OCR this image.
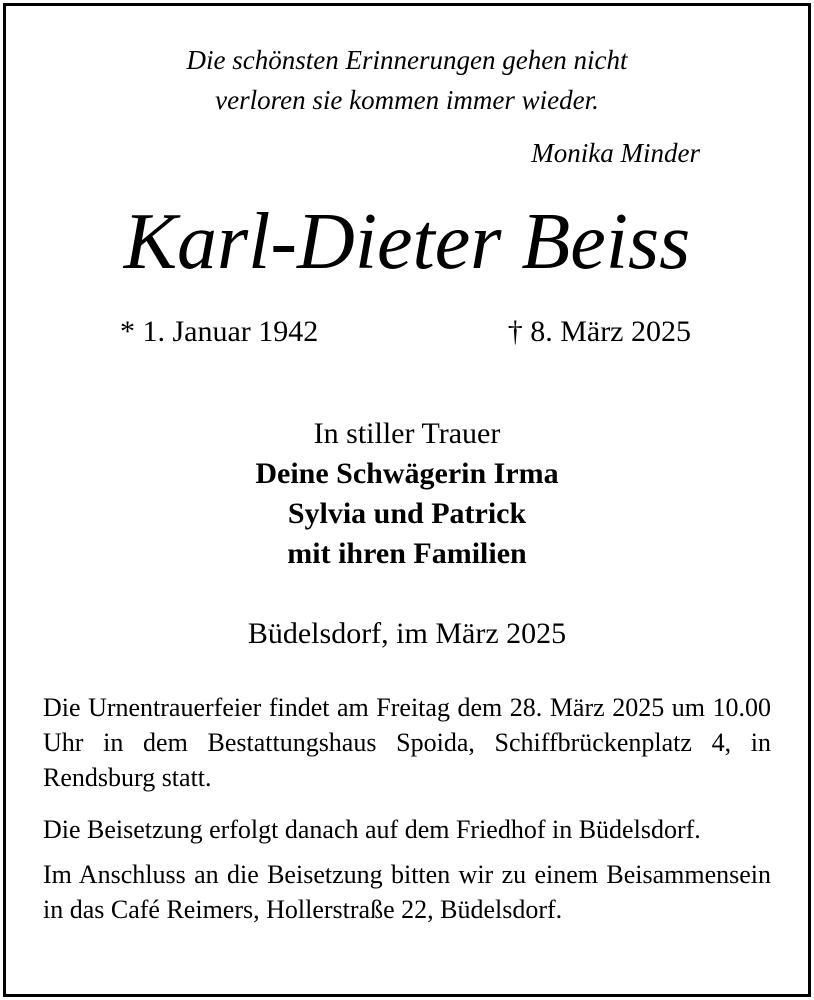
Die schönsten Erinnerungen gehen nicht

verloren sie kommen immer wieder.

Monika Minder

Karl-Dieter Beiss

* 1. Januar 1942	† 8. März 2025

In stiller Trauer

Deine Schwägerin Irma

Sylvia und Patrick

mit ihren Familien

Büdelsdorf, im März 2025

Die Urnentrauerfeier findet am Freitag dem 28. März 2025 um 10.00 Uhr in dem Bestattungshaus Spoida, Schiffbrückenplatz 4, in Rendsburg statt.

Die Beisetzung erfolgt danach auf dem Friedhof in Büdelsdorf.

Im Anschluss an die Beisetzung bitten wir zu einem Beisammensein in das Café Reimers, Hollerstraße 22, Büdelsdorf.
